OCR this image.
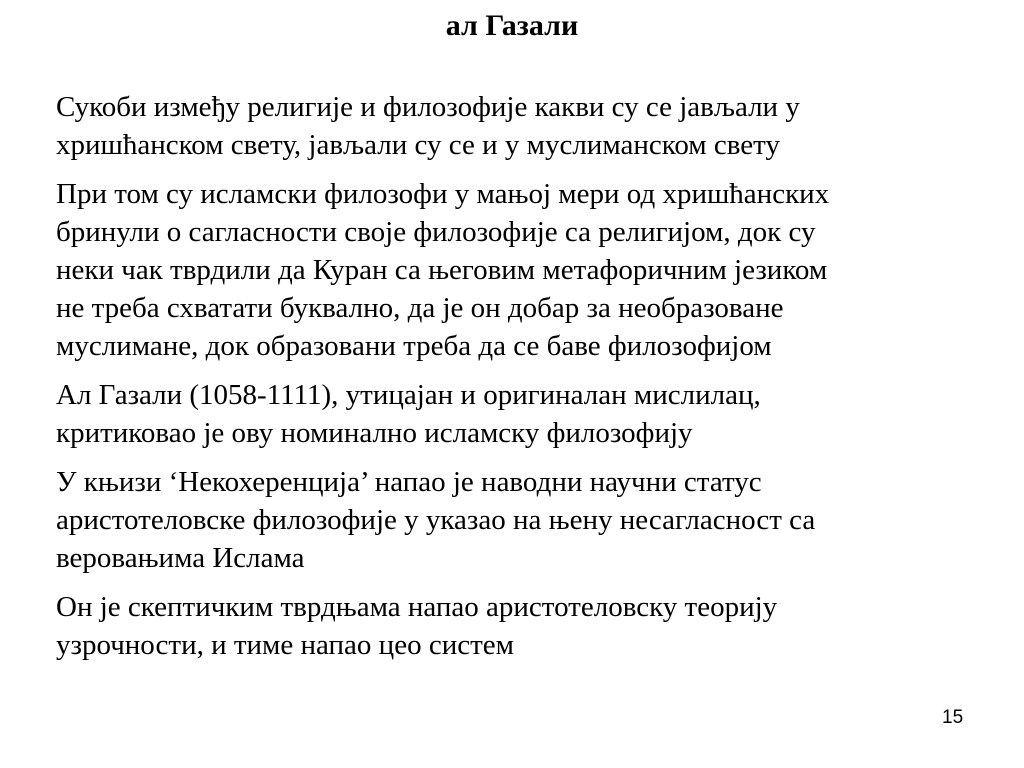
ал Газали

Сукоби између религије и филозофије какви су се јављали у
хришћанском свету, јављали су се и у муслиманском свету

При том су исламски филозофи у мањој мери од хришћанских
бринули о сагласности своје филозофије са религијом, док су
неки чак тврдили да Куран са његовим метафоричним језиком
не треба схватати буквално, да је он добар за необразоване
муслимане, док образовани треба да се баве филозофијом

Ал Газали (1058-1111), утицајан и оригиналан мислилац,
критиковао је ову номинално исламску филозофију

У књизи ‘Некохеренција’ напао је наводни научни статус
аристотеловске филозофије у указао на њену несагласност са
веровањима Ислама

Он је скептичким тврдњама напао аристотеловску теорију
узрочности, и тиме напао цео систем

15
